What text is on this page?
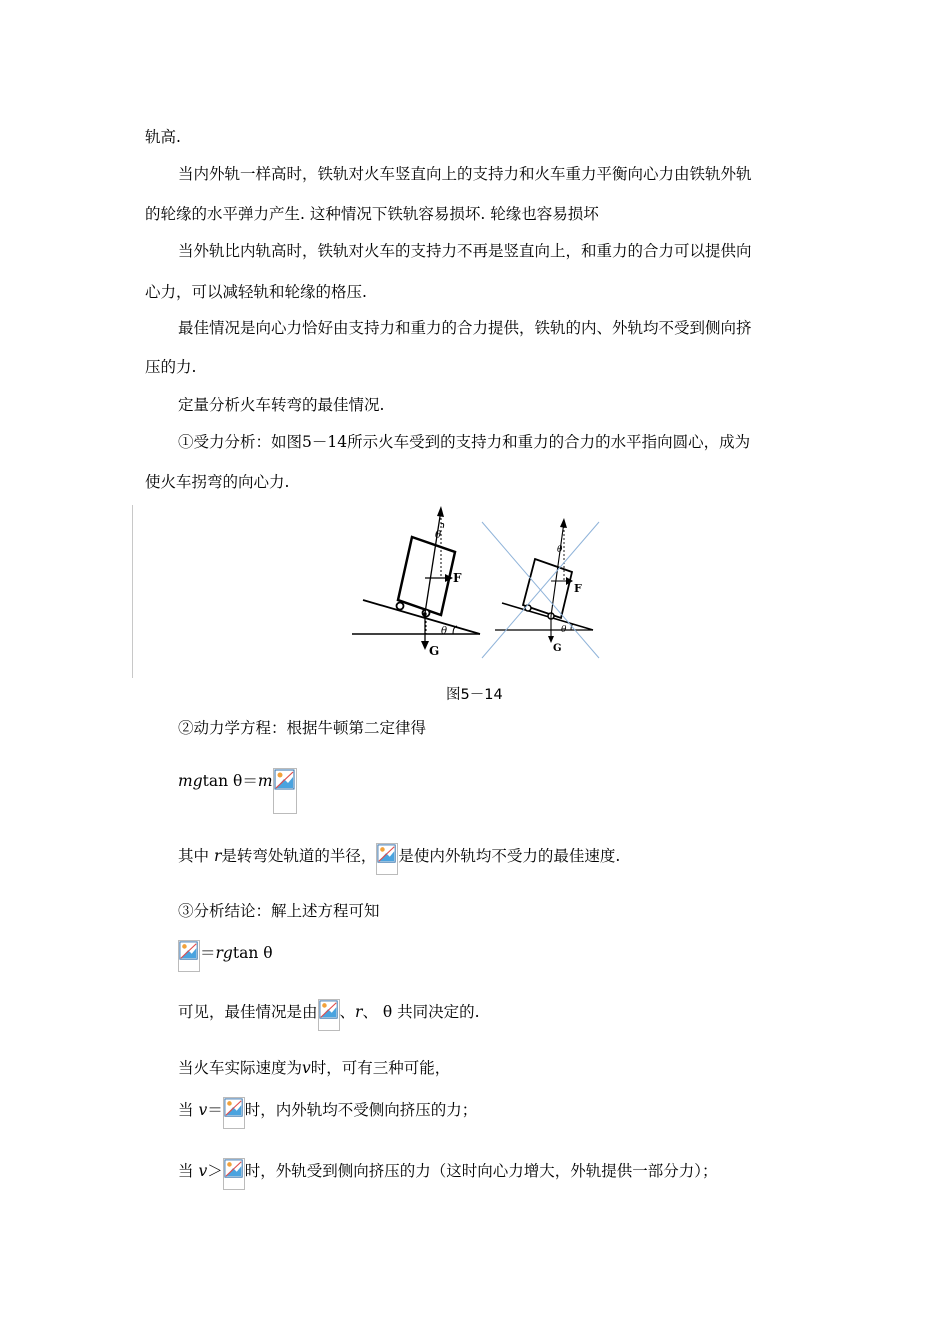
轨高.
当内外轨一样高时，铁轨对火车竖直向上的支持力和火车重力平衡向心力由铁轨外轨
的轮缘的水平弹力产生. 这种情况下铁轨容易损坏. 轮缘也容易损坏
当外轨比内轨高时，铁轨对火车的支持力不再是竖直向上，和重力的合力可以提供向
心力，可以减轻轨和轮缘的格压.
最佳情况是向心力恰好由支持力和重力的合力提供，铁轨的内、外轨均不受到侧向挤
压的力.
定量分析火车转弯的最佳情况.
①受力分析：如图5－14所示火车受到的支持力和重力的合力的水平指向圆心，成为
使火车拐弯的向心力.
θ
F
G
θ
θ
F
G
θ
图5－14
②动力学方程：根据牛顿第二定律得
mgtan θ＝m
其中 r是转弯处轨道的半径， 是使内外轨均不受力的最佳速度.
③分析结论：解上述方程可知
＝rgtan θ
可见，最佳情况是由 、r、 θ 共同决定的.
当火车实际速度为v时，可有三种可能，
当 v＝ 时，内外轨均不受侧向挤压的力；
当 v＞ 时，外轨受到侧向挤压的力（这时向心力增大，外轨提供一部分力）；
